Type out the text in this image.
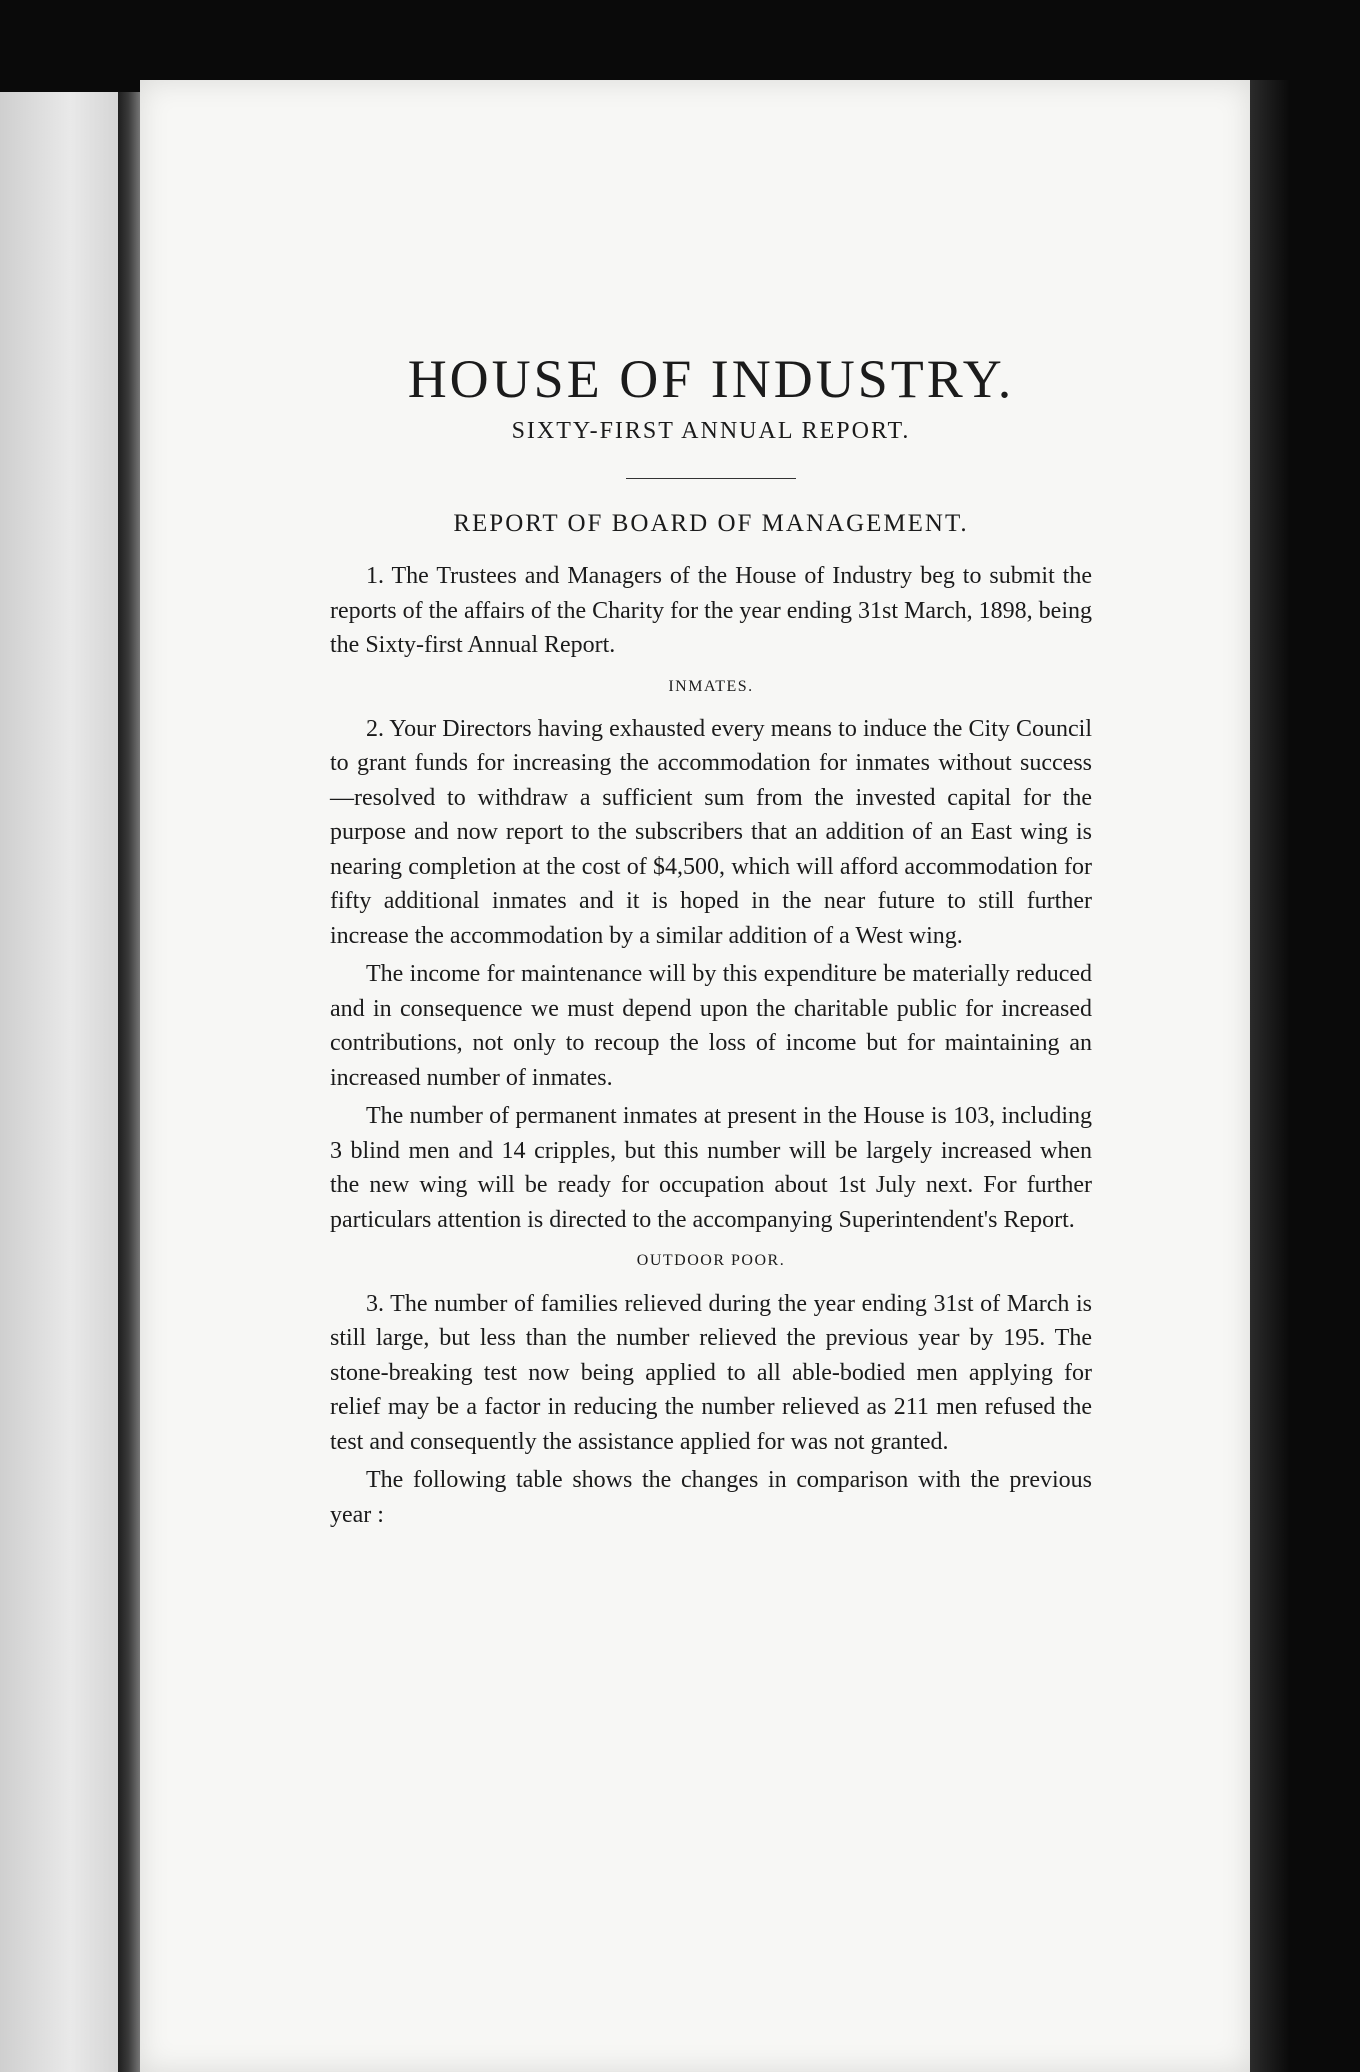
HOUSE OF INDUSTRY.

SIXTY-FIRST ANNUAL REPORT.

REPORT OF BOARD OF MANAGEMENT.

1. The Trustees and Managers of the House of Industry beg to submit the reports of the affairs of the Charity for the year ending 31st March, 1898, being the Sixty-first Annual Report.

INMATES.

2. Your Directors having exhausted every means to induce the City Council to grant funds for increasing the accommodation for inmates without success—resolved to withdraw a sufficient sum from the invested capital for the purpose and now report to the subscribers that an addition of an East wing is nearing completion at the cost of $4,500, which will afford accommodation for fifty additional inmates and it is hoped in the near future to still further increase the accommodation by a similar addition of a West wing.

The income for maintenance will by this expenditure be materially reduced and in consequence we must depend upon the charitable public for increased contributions, not only to recoup the loss of income but for maintaining an increased number of inmates.

The number of permanent inmates at present in the House is 103, including 3 blind men and 14 cripples, but this number will be largely increased when the new wing will be ready for occupation about 1st July next. For further particulars attention is directed to the accompanying Superintendent's Report.

OUTDOOR POOR.

3. The number of families relieved during the year ending 31st of March is still large, but less than the number relieved the previous year by 195. The stone-breaking test now being applied to all able-bodied men applying for relief may be a factor in reducing the number relieved as 211 men refused the test and consequently the assistance applied for was not granted.

The following table shows the changes in comparison with the previous year :
